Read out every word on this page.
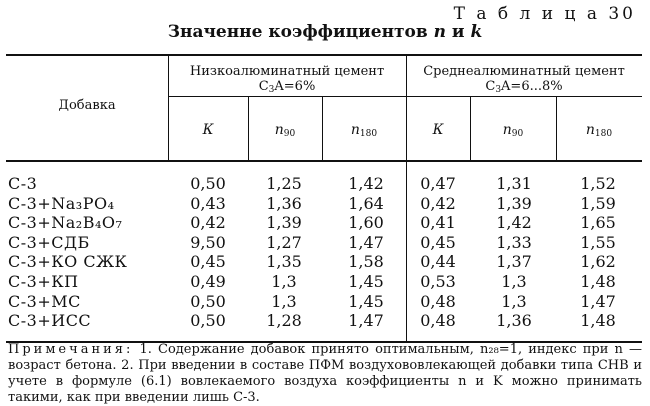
Т а б л и ц а 30
Значенне коэффициентов n и k
Добавка
Низкоалюминатный цемент
$C_3A=6\%$
Среднеалюминатный цемент
$C_3A=6...8\%$
К	$n_{90}$	$n_{180}$	К	$n_{90}$	$n_{180}$
С-3	0,50	1,25	1,42	0,47	1,31	1,52
С-3+Na₃PO₄	0,43	1,36	1,64	0,42	1,39	1,59
С-3+Na₂B₄O₇	0,42	1,39	1,60	0,41	1,42	1,65
С-3+СДБ	9,50	1,27	1,47	0,45	1,33	1,55
С-3+КО СЖК	0,45	1,35	1,58	0,44	1,37	1,62
С-3+КП	0,49	1,3	1,45	0,53	1,3	1,48
С-3+МС	0,50	1,3	1,45	0,48	1,3	1,47
С-3+ИСС	0,50	1,28	1,47	0,48	1,36	1,48
Примечания: 1. Содержание добавок принято оптимальным, n₂₈=1, индекс при n — возраст бетона. 2. При введении в составе ПФМ воздухововлекающей добавки типа СНВ и учете в формуле (6.1) вовлекаемого воздуха коэффициенты n и K можно принимать такими, как при введении лишь С-3.
